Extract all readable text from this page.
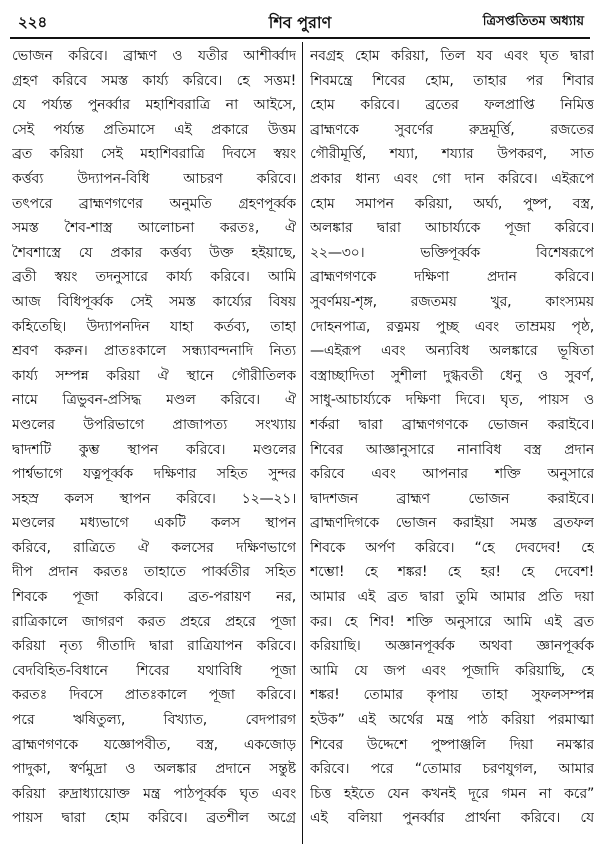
শিব পুরাণ
২২৪	ত্রিসপ্ততিতম অধ্যায়
ভোজন করিবে। ব্রাহ্মণ ও যতীর আশীর্ব্বাদ
গ্রহণ করিবে সমস্ত কার্য্য করিবে। হে সত্তম!
যে পর্য্যন্ত পুনর্ব্বার মহাশিবরাত্রি না আইসে,
সেই পর্য্যন্ত প্রতিমাসে এই প্রকারে উত্তম
ব্রত করিয়া সেই মহাশিবরাত্রি দিবসে স্বয়ং
কর্ত্তব্য উদ্যাপন-বিধি আচরণ করিবে।
তৎপরে ব্রাহ্মণগণের অনুমতি গ্রহণপূর্ব্বক
সমস্ত শৈব-শাস্ত্র আলোচনা করতঃ, ঐ
শৈবশাস্ত্রে যে প্রকার কর্ত্তব্য উক্ত হইয়াছে,
ব্রতী স্বয়ং তদনুসারে কার্য্য করিবে। আমি
আজ বিধিপূর্ব্বক সেই সমস্ত কার্য্যের বিষয়
কহিতেছি। উদ্যাপনদিন যাহা কর্তব্য, তাহা
শ্রবণ করুন। প্রাতঃকালে সন্ধ্যাবন্দনাদি নিত্য
কার্য্য সম্পন্ন করিয়া ঐ স্থানে গৌরীতিলক
নামে ত্রিভুবন-প্রসিদ্ধ মণ্ডল করিবে। ঐ
মণ্ডলের উপরিভাগে প্রাজাপত্য সংখ্যায়
দ্বাদশটি কুম্ভ স্থাপন করিবে। মণ্ডলের
পার্শ্বভাগে যত্নপূর্ব্বক দক্ষিণার সহিত সুন্দর
সহস্র কলস স্থাপন করিবে। ১২—২১।
মণ্ডলের মধ্যভাগে একটি কলস স্থাপন
করিবে, রাত্রিতে ঐ কলসের দক্ষিণভাগে
দীপ প্রদান করতঃ তাহাতে পার্ব্বতীর সহিত
শিবকে পূজা করিবে। ব্রত-পরায়ণ নর,
রাত্রিকালে জাগরণ করত প্রহরে প্রহরে পূজা
করিয়া নৃত্য গীতাদি দ্বারা রাত্রিযাপন করিবে।
বেদবিহিত-বিধানে শিবের যথাবিধি পূজা
করতঃ দিবসে প্রাতঃকালে পূজা করিবে।
পরে ঋষিতুল্য, বিখ্যাত, বেদপারগ
ব্রাহ্মণগণকে যজ্ঞোপবীত, বস্ত্র, একজোড়
পাদুকা, স্বর্ণমুদ্রা ও অলঙ্কার প্রদানে সন্তুষ্ট
করিয়া রুদ্রাধ্যায়োক্ত মন্ত্র পাঠপূর্ব্বক ঘৃত এবং
পায়স দ্বারা হোম করিবে। ব্রতশীল অগ্রে
নবগ্রহ হোম করিয়া, তিল যব এবং ঘৃত দ্বারা
শিবমন্ত্রে শিবের হোম, তাহার পর শিবার
হোম করিবে। ব্রতের ফলপ্রাপ্তি নিমিত্ত
ব্রাহ্মণকে সুবর্ণের রুদ্রমূর্ত্তি, রজতের
গৌরীমূর্ত্তি, শয্যা, শয্যার উপকরণ, সাত
প্রকার ধান্য এবং গো দান করিবে। এইরূপে
হোম সমাপন করিয়া, অর্ঘ্য, পুষ্প, বস্ত্র,
অলঙ্কার দ্বারা আচার্য্যকে পূজা করিবে।
২২—৩০। ভক্তিপূর্ব্বক বিশেষরূপে
ব্রাহ্মণগণকে দক্ষিণা প্রদান করিবে।
সুবর্ণময়-শৃঙ্গ, রজতময় খুর, কাংস্যময়
দোহনপাত্র, রত্নময় পুচ্ছ এবং তাম্রময় পৃষ্ঠ,
—এইরূপ এবং অন্যবিধ অলঙ্কারে ভূষিতা
বস্ত্রাচ্ছাদিতা সুশীলা দুগ্ধবতী ধেনু ও সুবর্ণ,
সাধু-আচার্য্যকে দক্ষিণা দিবে। ঘৃত, পায়স ও
শর্করা দ্বারা ব্রাহ্মণগণকে ভোজন করাইবে।
শিবের আজ্ঞানুসারে নানাবিধ বস্ত্র প্রদান
করিবে এবং আপনার শক্তি অনুসারে
দ্বাদশজন ব্রাহ্মণ ভোজন করাইবে।
ব্রাহ্মণদিগকে ভোজন করাইয়া সমস্ত ব্রতফল
শিবকে অর্পণ করিবে। “হে দেবদেব! হে
শম্ভো! হে শঙ্কর! হে হর! হে দেবেশ!
আমার এই ব্রত দ্বারা তুমি আমার প্রতি দয়া
কর। হে শিব! শক্তি অনুসারে আমি এই ব্রত
করিয়াছি। অজ্ঞানপূর্ব্বক অথবা জ্ঞানপূর্ব্বক
আমি যে জপ এবং পূজাদি করিয়াছি, হে
শঙ্কর! তোমার কৃপায় তাহা সুফলসম্পন্ন
হউক” এই অর্থের মন্ত্র পাঠ করিয়া পরমাত্মা
শিবের উদ্দেশে পুষ্পাঞ্জলি দিয়া নমস্কার
করিবে। পরে “তোমার চরণযুগল, আমার
চিত্ত হইতে যেন কখনই দূরে গমন না করে”
এই বলিয়া পুনর্ব্বার প্রার্থনা করিবে। যে
